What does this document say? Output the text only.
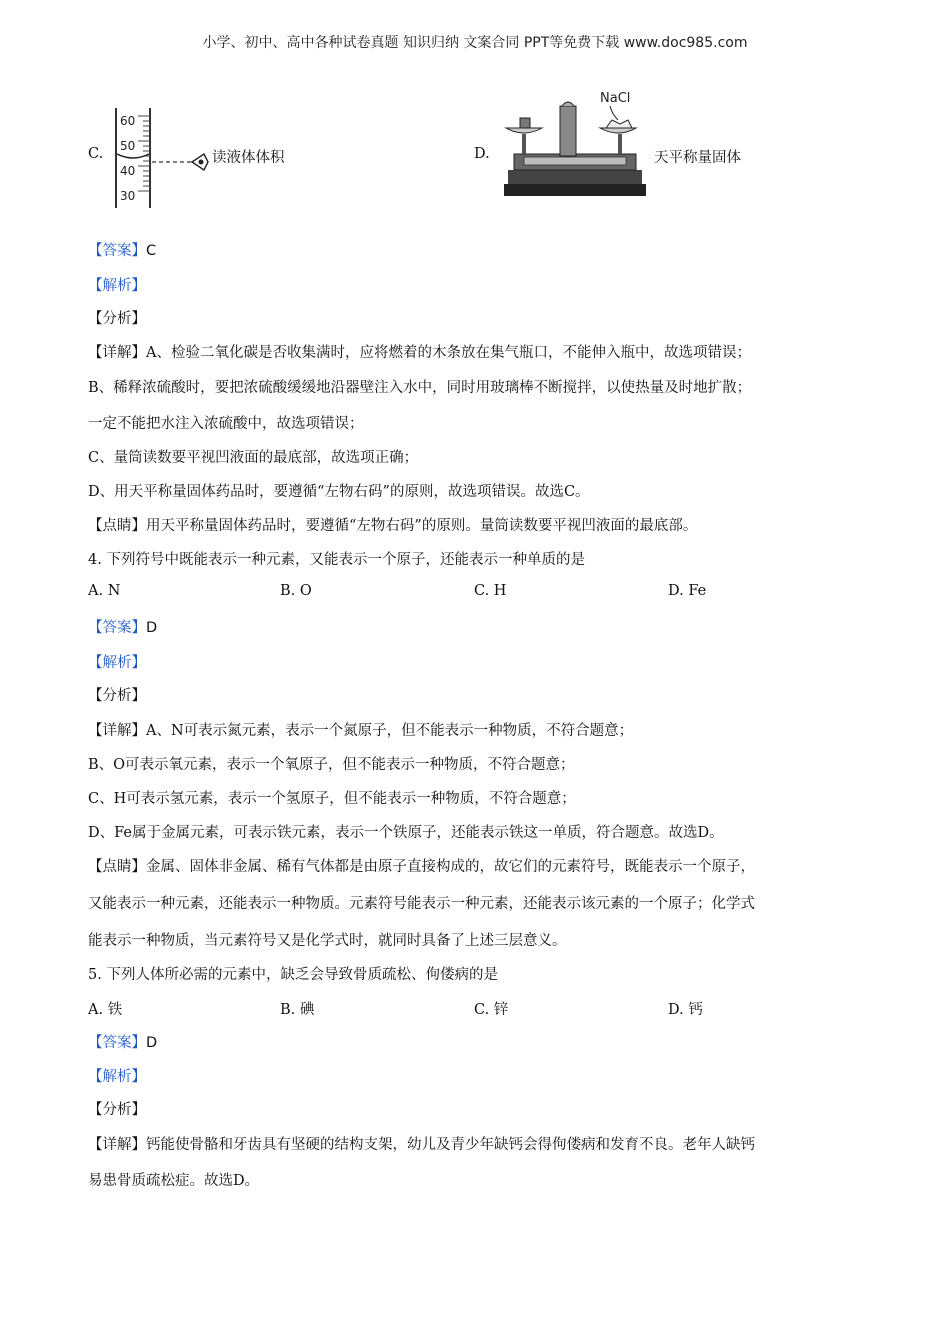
小学、初中、高中各种试卷真题 知识归纳 文案合同 PPT等免费下载 www.doc985.com
C.
60
50
40
30
读液体体积	D.
NaCl
天平称量固体
【答案】C
【解析】
【分析】
【详解】A、检验二氧化碳是否收集满时，应将燃着的木条放在集气瓶口，不能伸入瓶中，故选项错误；
B、稀释浓硫酸时，要把浓硫酸缓缓地沿器壁注入水中，同时用玻璃棒不断搅拌，以使热量及时地扩散；
一定不能把水注入浓硫酸中，故选项错误；
C、量筒读数要平视凹液面的最底部，故选项正确；
D、用天平称量固体药品时，要遵循“左物右码”的原则，故选项错误。故选C。
【点睛】用天平称量固体药品时，要遵循“左物右码”的原则。量筒读数要平视凹液面的最底部。
4. 下列符号中既能表示一种元素，又能表示一个原子，还能表示一种单质的是
A. N	B. O	C. H	D. Fe
【答案】D
【解析】
【分析】
【详解】A、N可表示氮元素，表示一个氮原子，但不能表示一种物质，不符合题意；
B、O可表示氧元素，表示一个氧原子，但不能表示一种物质，不符合题意；
C、H可表示氢元素，表示一个氢原子，但不能表示一种物质，不符合题意；
D、Fe属于金属元素，可表示铁元素，表示一个铁原子，还能表示铁这一单质，符合题意。故选D。
【点睛】金属、固体非金属、稀有气体都是由原子直接构成的，故它们的元素符号，既能表示一个原子，
又能表示一种元素，还能表示一种物质。元素符号能表示一种元素，还能表示该元素的一个原子；化学式
能表示一种物质，当元素符号又是化学式时，就同时具备了上述三层意义。
5. 下列人体所必需的元素中，缺乏会导致骨质疏松、佝偻病的是
A. 铁	B. 碘	C. 锌	D. 钙
【答案】D
【解析】
【分析】
【详解】钙能使骨骼和牙齿具有坚硬的结构支架，幼儿及青少年缺钙会得佝偻病和发育不良。老年人缺钙
易患骨质疏松症。故选D。
